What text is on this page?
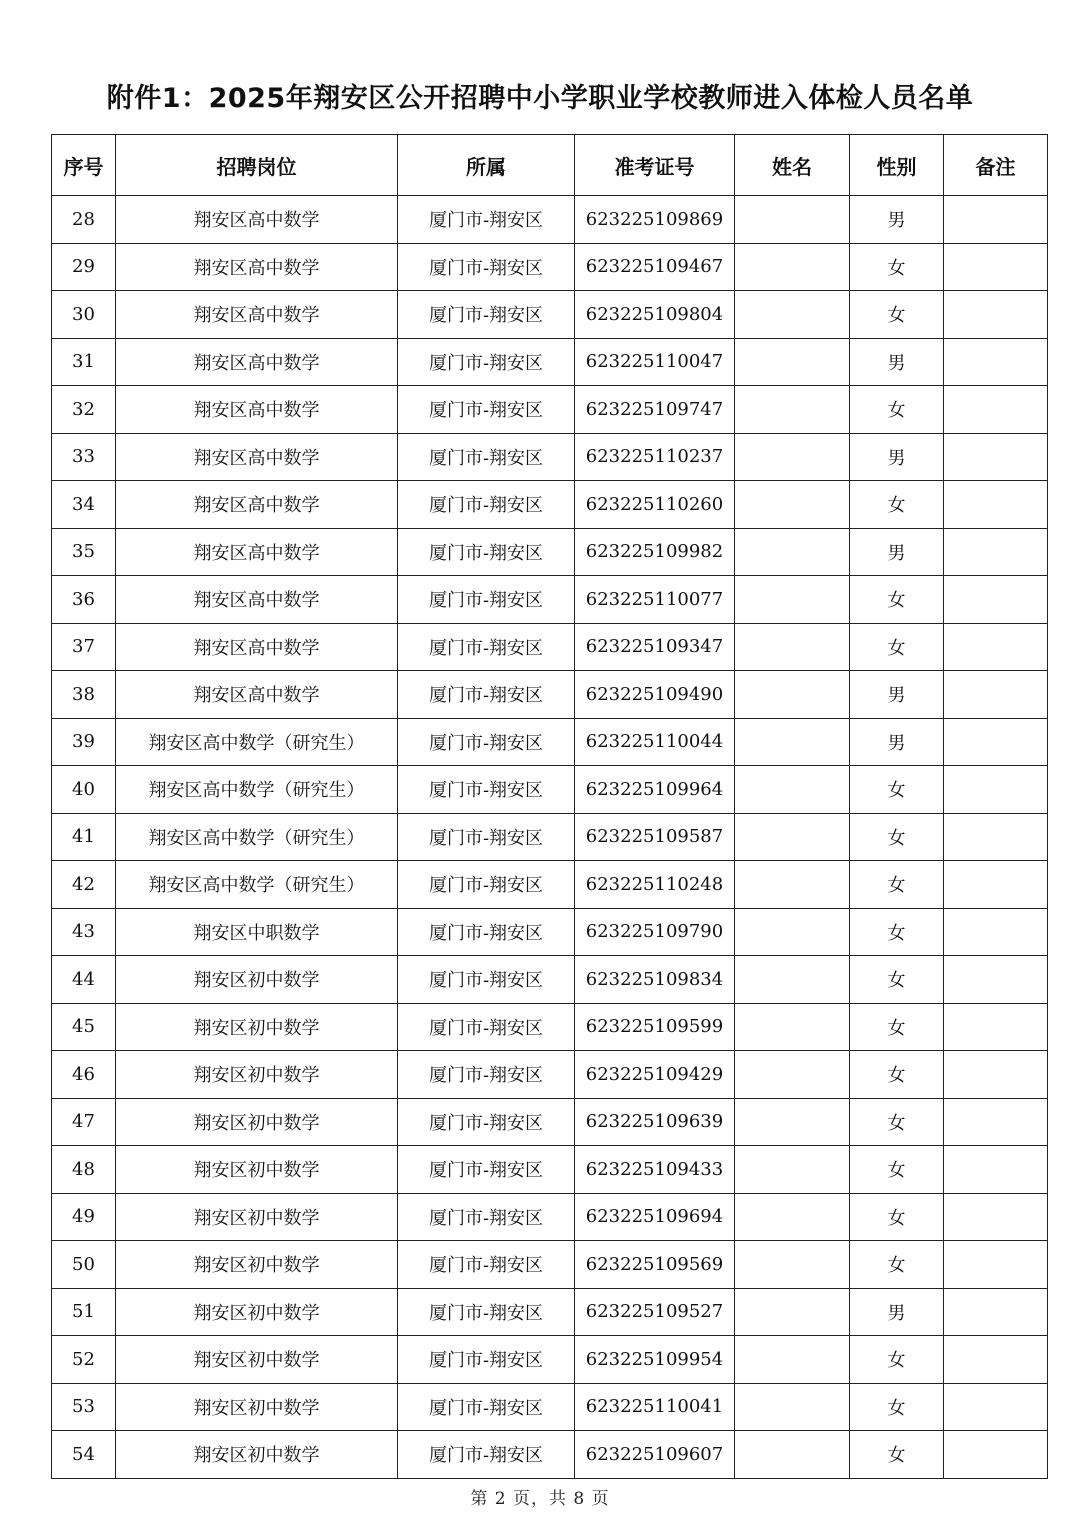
附件1：2025年翔安区公开招聘中小学职业学校教师进入体检人员名单
序号	招聘岗位	所属	准考证号	姓名	性别	备注
28	翔安区高中数学	厦门市-翔安区	623225109869		男	
29	翔安区高中数学	厦门市-翔安区	623225109467		女	
30	翔安区高中数学	厦门市-翔安区	623225109804		女	
31	翔安区高中数学	厦门市-翔安区	623225110047		男	
32	翔安区高中数学	厦门市-翔安区	623225109747		女	
33	翔安区高中数学	厦门市-翔安区	623225110237		男	
34	翔安区高中数学	厦门市-翔安区	623225110260		女	
35	翔安区高中数学	厦门市-翔安区	623225109982		男	
36	翔安区高中数学	厦门市-翔安区	623225110077		女	
37	翔安区高中数学	厦门市-翔安区	623225109347		女	
38	翔安区高中数学	厦门市-翔安区	623225109490		男	
39	翔安区高中数学（研究生）	厦门市-翔安区	623225110044		男	
40	翔安区高中数学（研究生）	厦门市-翔安区	623225109964		女	
41	翔安区高中数学（研究生）	厦门市-翔安区	623225109587		女	
42	翔安区高中数学（研究生）	厦门市-翔安区	623225110248		女	
43	翔安区中职数学	厦门市-翔安区	623225109790		女	
44	翔安区初中数学	厦门市-翔安区	623225109834		女	
45	翔安区初中数学	厦门市-翔安区	623225109599		女	
46	翔安区初中数学	厦门市-翔安区	623225109429		女	
47	翔安区初中数学	厦门市-翔安区	623225109639		女	
48	翔安区初中数学	厦门市-翔安区	623225109433		女	
49	翔安区初中数学	厦门市-翔安区	623225109694		女	
50	翔安区初中数学	厦门市-翔安区	623225109569		女	
51	翔安区初中数学	厦门市-翔安区	623225109527		男	
52	翔安区初中数学	厦门市-翔安区	623225109954		女	
53	翔安区初中数学	厦门市-翔安区	623225110041		女	
54	翔安区初中数学	厦门市-翔安区	623225109607		女	
第 2 页，共 8 页
